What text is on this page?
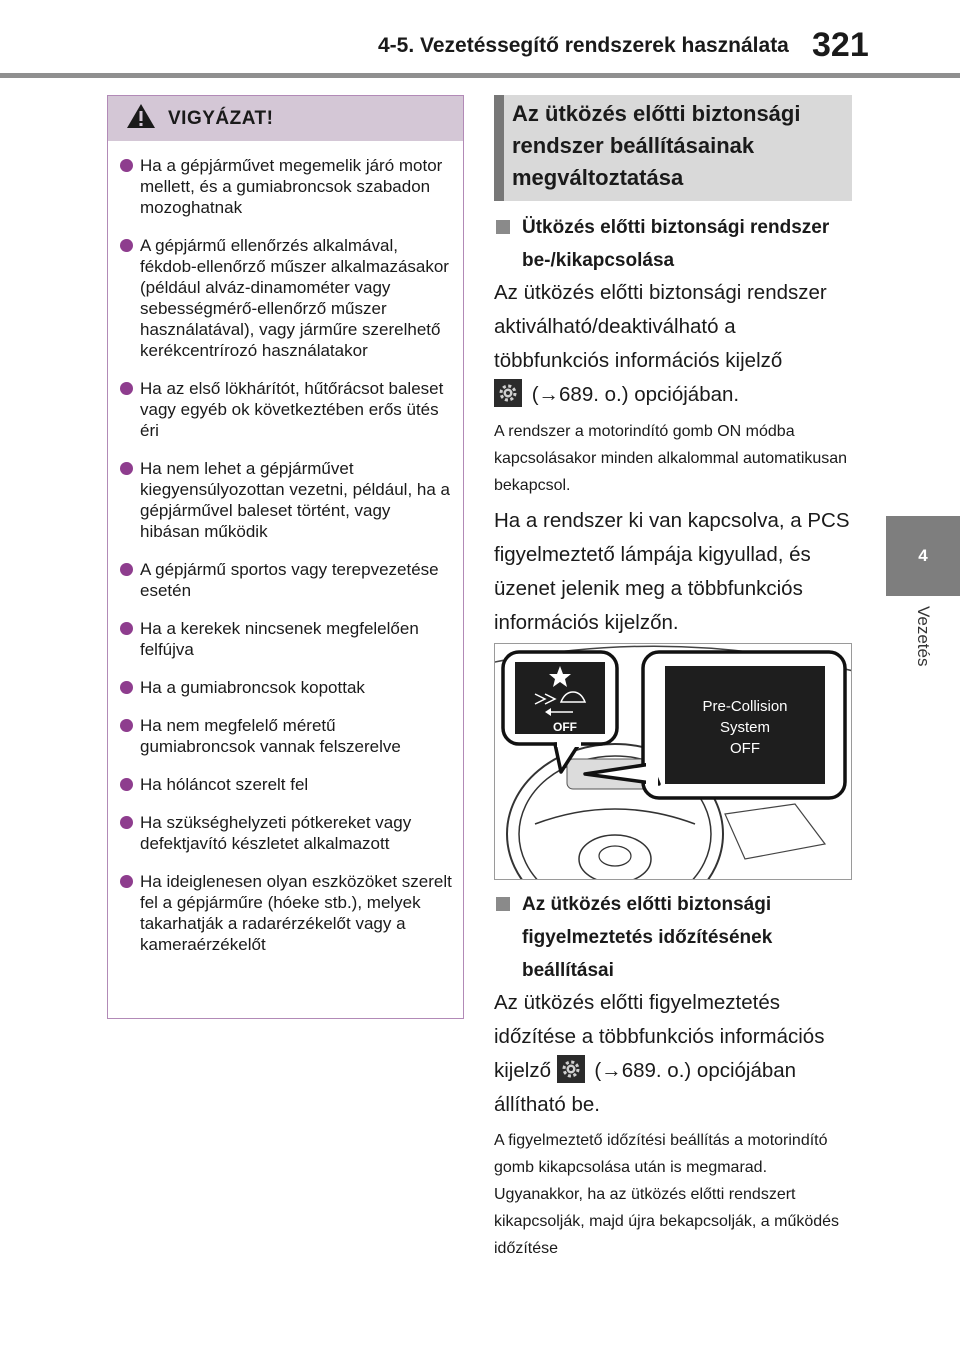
4-5. Vezetéssegítő rendszerek használata 321
4
Vezetés
VIGYÁZAT!
Ha a gépjárművet megemelik járó motor mellett, és a gumiabroncsok szabadon mozoghatnak
A gépjármű ellenőrzés alkalmával, fékdob-ellenőrző műszer alkalmazásakor (például alváz-dinamométer vagy sebességmérő-ellenőrző műszer használatával), vagy járműre szerelhető kerékcentrírozó használatakor
Ha az első lökhárítót, hűtőrácsot baleset vagy egyéb ok következtében erős ütés éri
Ha nem lehet a gépjárművet kiegyensúlyozottan vezetni, például, ha a gépjárművel baleset történt, vagy hibásan működik
A gépjármű sportos vagy terepvezetése esetén
Ha a kerekek nincsenek megfelelően felfújva
Ha a gumiabroncsok kopottak
Ha nem megfelelő méretű gumiabroncsok vannak felszerelve
Ha hóláncot szerelt fel
Ha szükséghelyzeti pótkereket vagy defektjavító készletet alkalmazott
Ha ideiglenesen olyan eszközöket szerelt fel a gépjárműre (hóeke stb.), melyek takarhatják a radarérzékelőt vagy a kameraérzékelőt
Az ütközés előtti biztonsági rendszer beállításainak megváltoztatása
Ütközés előtti biztonsági rendszer be-/kikapcsolása
Az ütközés előtti biztonsági rendszer aktiválható/deaktiválható a többfunkciós információs kijelző
(→689. o.) opciójában.
A rendszer a motorindító gomb ON módba kapcsolásakor minden alkalommal automatikusan bekapcsol.
Ha a rendszer ki van kapcsolva, a PCS figyelmeztető lámpája kigyullad, és üzenet jelenik meg a többfunkciós információs kijelzőn.
OFF
Pre-Collision
System
OFF
Az ütközés előtti biztonsági figyelmeztetés időzítésének beállításai
Az ütközés előtti figyelmeztetés időzítése a többfunkciós információs kijelző (→689. o.) opciójában állítható be.
A figyelmeztető időzítési beállítás a motorindító gomb kikapcsolása után is megmarad. Ugyanakkor, ha az ütközés előtti rendszert kikapcsolják, majd újra bekapcsolják, a működés időzítése
